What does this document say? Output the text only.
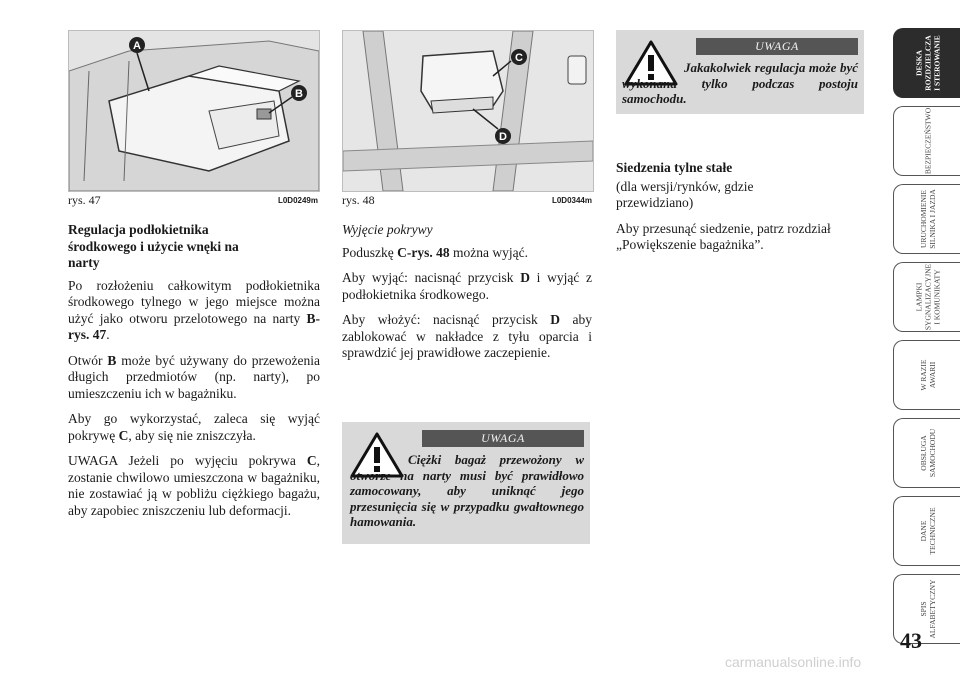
A
B
rys. 47	L0D0249m
C
D
rys. 48	L0D0344m

Regulacja podłokietnika środkowego i użycie wnęki na narty

Po rozłożeniu całkowitym podłokietnika środkowego tylnego w jego miejsce można użyć jako otworu przelotowego na narty B-rys. 47.

Otwór B może być używany do przewożenia długich przedmiotów (np. narty), po umieszczeniu ich w bagażniku.

Aby go wykorzystać, zaleca się wyjąć pokrywę C, aby się nie zniszczyła.

UWAGA Jeżeli po wyjęciu pokrywa C, zostanie chwilowo umieszczona w bagażniku, nie zostawiać ją w pobliżu ciężkiego bagażu, aby zapobiec zniszczeniu lub deformacji.

Wyjęcie pokrywy

Poduszkę C-rys. 48 można wyjąć.

Aby wyjąć: nacisnąć przycisk D i wyjąć z podłokietnika środkowego.

Aby włożyć: nacisnąć przycisk D aby zablokować w nakładce z tyłu oparcia i sprawdzić jej prawidłowe zaczepienie.

UWAGA
Ciężki bagaż przewożony w otworze na narty musi być prawidłowo zamocowany, aby uniknąć jego przesunięcia się w przypadku gwałtownego hamowania.
UWAGA
Jakakolwiek regulacja może być wykonana tylko podczas postoju samochodu.

Siedzenia tylne stałe

(dla wersji/rynków, gdzie przewidziano)

Aby przesunąć siedzenie, patrz rozdział „Powiększenie bagażnika”.

DESKA
ROZDZIELCZA
I STEROWANIE
BEZPIECZEŃSTWO
URUCHOMIENIE
SILNIKA I JAZDA
LAMPKI
SYGNALIZACYJNE
I KOMUNIKATY
W RAZIE
AWARII
OBSŁUGA
SAMOCHODU
DANE
TECHNICZNE
SPIS
ALFABETYCZNY
43
carmanualsonline.info
